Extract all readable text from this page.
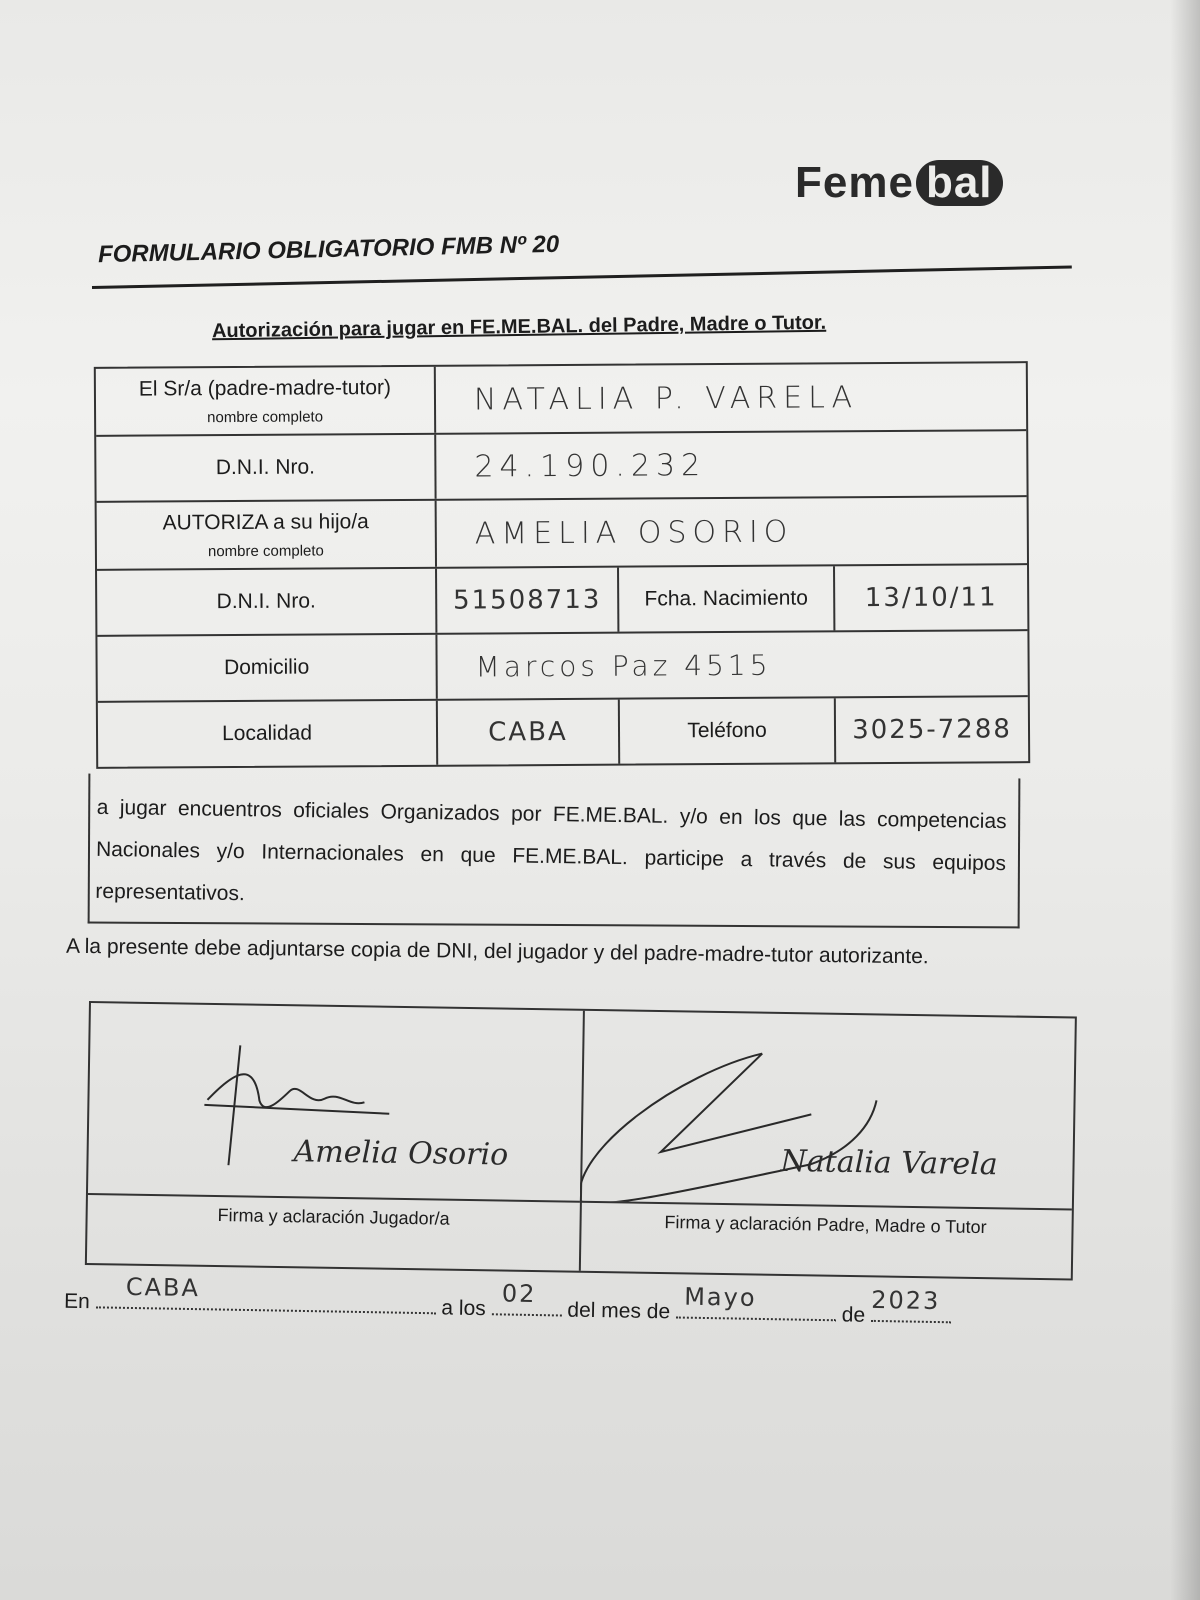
Feme bal
FORMULARIO OBLIGATORIO FMB Nº 20
Autorización para jugar en FE.ME.BAL. del Padre, Madre o Tutor.
El Sr/a (padre-madre-tutor)
nombre completo	NATALIA P. VARELA
D.N.I. Nro.	24.190.232
AUTORIZA a su hijo/a
nombre completo	AMELIA OSORIO
D.N.I. Nro.	51508713	Fcha. Nacimiento	13/10/11
Domicilio	Marcos Paz 4515
Localidad	CABA	Teléfono	3025-7288
a jugar encuentros oficiales Organizados por FE.ME.BAL. y/o en los que las competencias Nacionales y/o Internacionales en que FE.ME.BAL. participe a través de sus equipos representativos.
A la presente debe adjuntarse copia de DNI, del jugador y del padre-madre-tutor autorizante.
Amelia Osorio
Firma y aclaración Jugador/a
Natalia Varela
Firma y aclaración Padre, Madre o Tutor
En CABA
a los
02
del mes de Mayo
de 2023
